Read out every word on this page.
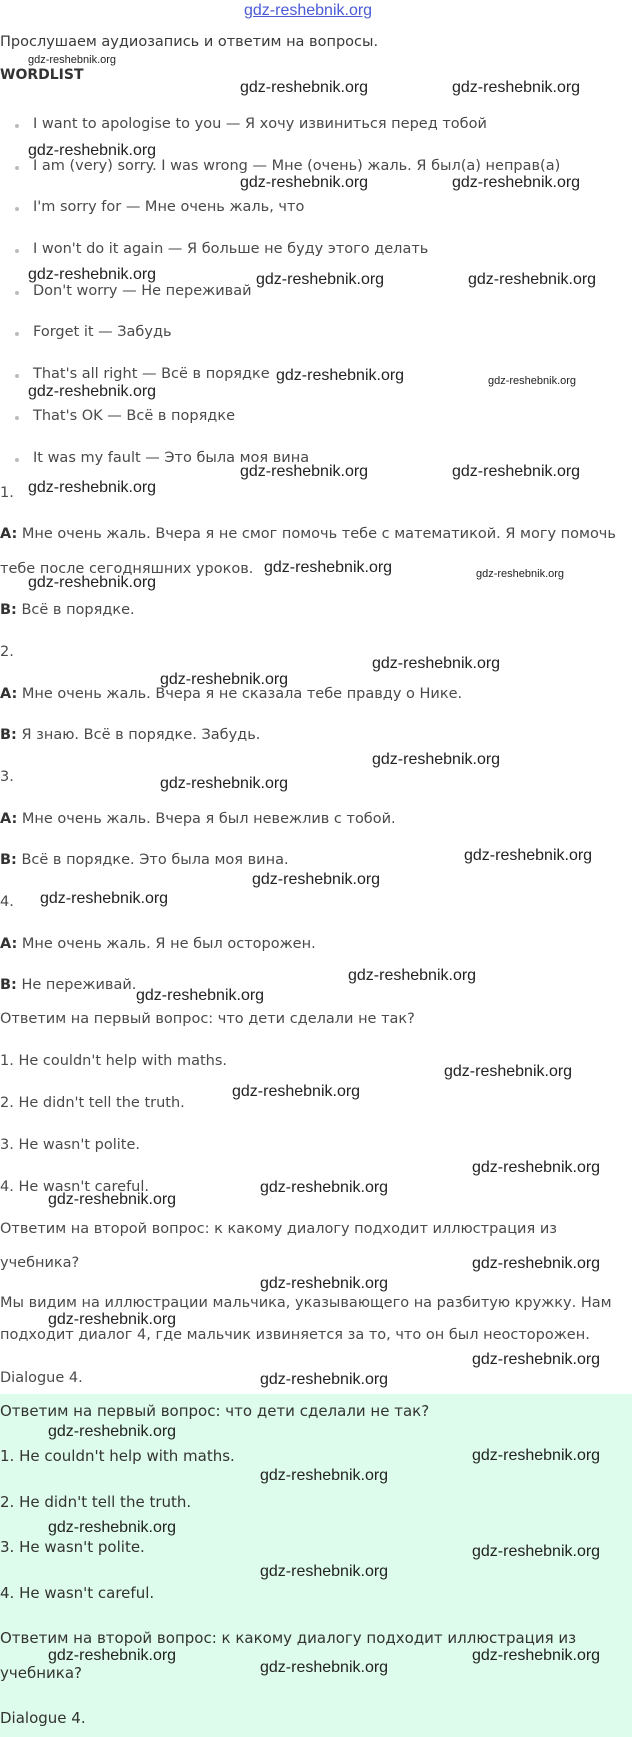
gdz-reshebnik.org
Прослушаем аудиозапись и ответим на вопросы.
WORDLIST
I want to apologise to you — Я хочу извиниться перед тобой
I am (very) sorry. I was wrong — Мне (очень) жаль. Я был(а) неправ(а)
I'm sorry for — Мне очень жаль, что
I won't do it again — Я больше не буду этого делать
Don't worry — Не переживай
Forget it — Забудь
That's all right — Всё в порядке
That's OK — Всё в порядке
It was my fault — Это была моя вина
1.
A: Мне очень жаль. Вчера я не смог помочь тебе с математикой. Я могу помочь
тебе после сегодняшних уроков.
B: Всё в порядке.
2.
A: Мне очень жаль. Вчера я не сказала тебе правду о Нике.
B: Я знаю. Всё в порядке. Забудь.
3.
A: Мне очень жаль. Вчера я был невежлив с тобой.
B: Всё в порядке. Это была моя вина.
4.
A: Мне очень жаль. Я не был осторожен.
B: Не переживай.
Ответим на первый вопрос: что дети сделали не так?
1. He couldn't help with maths.
2. He didn't tell the truth.
3. He wasn't polite.
4. He wasn't careful.
Ответим на второй вопрос: к какому диалогу подходит иллюстрация из
учебника?
Мы видим на иллюстрации мальчика, указывающего на разбитую кружку. Нам
подходит диалог 4, где мальчик извиняется за то, что он был неосторожен.
Dialogue 4.
Ответим на первый вопрос: что дети сделали не так?
1. He couldn't help with maths.
2. He didn't tell the truth.
3. He wasn't polite.
4. He wasn't careful.
Ответим на второй вопрос: к какому диалогу подходит иллюстрация из
учебника?
Dialogue 4.
gdz-reshebnik.org
gdz-reshebnik.org	gdz-reshebnik.org
gdz-reshebnik.org
gdz-reshebnik.org	gdz-reshebnik.org
gdz-reshebnik.org	gdz-reshebnik.org	gdz-reshebnik.org
gdz-reshebnik.org	gdz-reshebnik.org
gdz-reshebnik.org
gdz-reshebnik.org	gdz-reshebnik.org
gdz-reshebnik.org
gdz-reshebnik.org	gdz-reshebnik.org
gdz-reshebnik.org
gdz-reshebnik.org
gdz-reshebnik.org
gdz-reshebnik.org
gdz-reshebnik.org
gdz-reshebnik.org
gdz-reshebnik.org
gdz-reshebnik.org
gdz-reshebnik.org
gdz-reshebnik.org
gdz-reshebnik.org
gdz-reshebnik.org
gdz-reshebnik.org
gdz-reshebnik.org
gdz-reshebnik.org
gdz-reshebnik.org
gdz-reshebnik.org
gdz-reshebnik.org
gdz-reshebnik.org
gdz-reshebnik.org
gdz-reshebnik.org
gdz-reshebnik.org
gdz-reshebnik.org
gdz-reshebnik.org
gdz-reshebnik.org
gdz-reshebnik.org
gdz-reshebnik.org	gdz-reshebnik.org
gdz-reshebnik.org
